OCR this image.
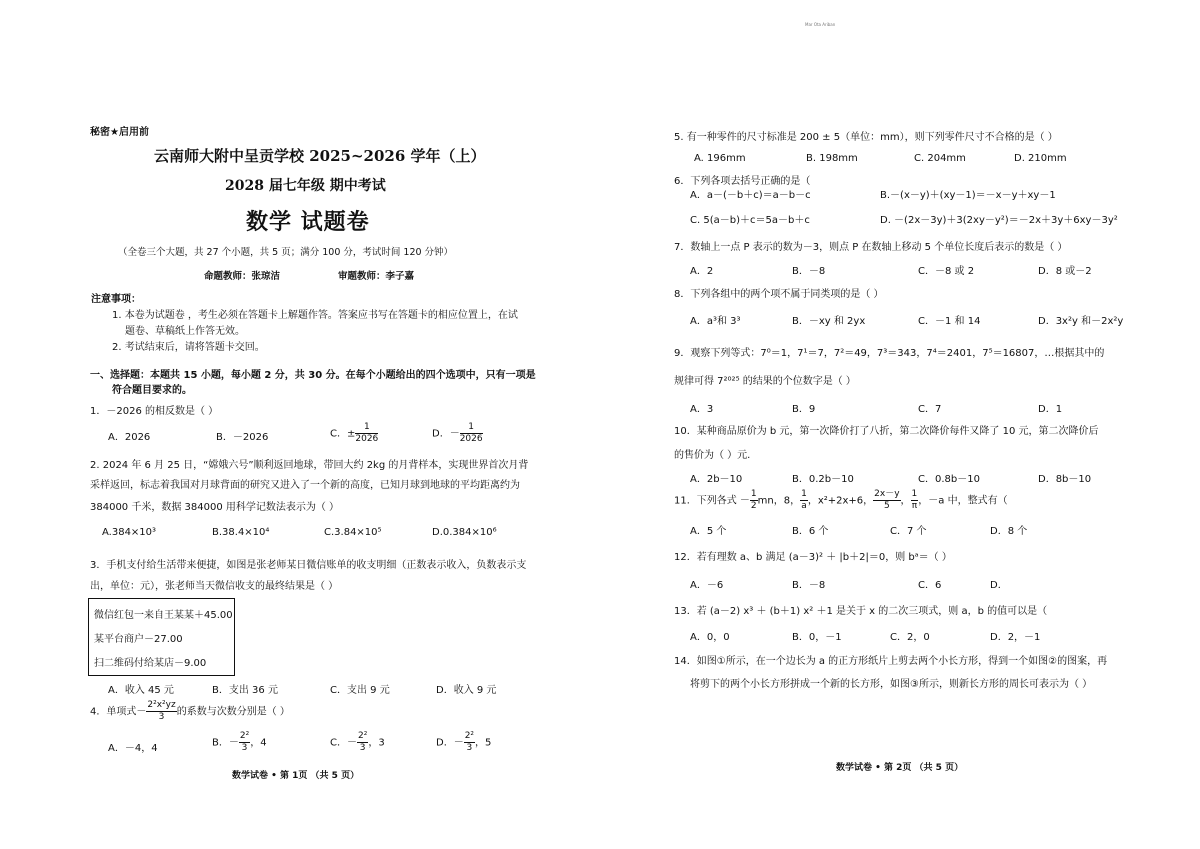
秘密★启用前
云南师大附中呈贡学校 2025~2026 学年（上）
2028 届七年级 期中考试
数学 试题卷
（全卷三个大题，共 27 个小题，共 5 页；满分 100 分，考试时间 120 分钟）
命题教师：张琼洁	审题教师：李子嘉
注意事项：
1. 本卷为试题卷 ，考生必须在答题卡上解题作答。答案应书写在答题卡的相应位置上，在试
题卷、草稿纸上作答无效。
2. 考试结束后，请将答题卡交回。
一、选择题：本题共 15 小题，每小题 2 分，共 30 分。在每个小题给出的四个选项中，只有一项是
符合题目要求的。
1．－2026 的相反数是（ ）
A．2026	B．－2026	C．± $\frac{1}{2026}$	D．－ $\frac{1}{2026}$
2. 2024 年 6 月 25 日，“嫦娥六号”顺利返回地球，带回大约 2kg 的月背样本，实现世界首次月背
采样返回，标志着我国对月球背面的研究又进入了一个新的高度，已知月球到地球的平均距离约为
384000 千米，数据 384000 用科学记数法表示为（ ）
A.384×10³	B.38.4×10⁴	C.3.84×10⁵	D.0.384×10⁶
3．手机支付给生活带来便捷，如图是张老师某日微信账单的收支明细（正数表示收入，负数表示支
出，单位：元），张老师当天微信收支的最终结果是（ ）
微信红包一来自王某某＋45.00
某平台商户－27.00
扫二维码付给某店－9.00
A．收入 45 元	B．支出 36 元	C．支出 9 元	D．收入 9 元
4．单项式－ $\frac{\text{2²x²yz}}{3}$ 的系数与次数分别是（ ）
A．－4，4	B．－ $\frac{\text{2²}}{3}$ ，4	C．－ $\frac{\text{2²}}{3}$ ，3	D．－ $\frac{\text{2²}}{3}$ ，5
数学试卷 • 第 1页 （共 5 页）
Mar Ota Ariban
5. 有一种零件的尺寸标准是 200 ± 5（单位：mm），则下列零件尺寸不合格的是（ ）
A. 196mm	B. 198mm	C. 204mm	D. 210mm
6．下列各项去括号正确的是（
A．a－(－b＋c)＝a－b－c	B.－(x－y)＋(xy－1)＝－x－y＋xy－1
C. 5(a－b)＋c＝5a－b＋c	D. －(2x－3y)＋3(2xy－y²)＝－2x＋3y＋6xy－3y²
7．数轴上一点 P 表示的数为－3，则点 P 在数轴上移动 5 个单位长度后表示的数是（ ）
A．2	B．－8	C．－8 或 2	D．8 或－2
8．下列各组中的两个项不属于同类项的是（ ）
A．a³和 3³	B．－xy 和 2yx	C．－1 和 14	D．3x²y 和－2x²y
9．观察下列等式：7⁰＝1，7¹＝7，7²＝49，7³＝343，7⁴＝2401，7⁵＝16807，…根据其中的
规律可得 7²⁰²⁵ 的结果的个位数字是（ ）
A．3	B．9	C．7	D．1
10．某种商品原价为 b 元，第一次降价打了八折，第二次降价每件又降了 10 元，第二次降价后
的售价为（ ）元.
A．2b－10	B．0.2b－10	C．0.8b－10	D．8b－10
11．下列各式 － $\frac{1}{2}$ mn，8， $\frac{1}{a}$ ，x²+2x+6， $\frac{2x-y}{5}$ ， $\frac{1}{\pi}$ ，－a 中，整式有（
A．5 个	B．6 个	C．7 个	D．8 个
12．若有理数 a、b 满足 (a－3)² ＋ |b＋2|＝0，则 bᵃ＝（ ）
A．－6	B．－8	C．6	D．
13．若 (a－2) x³ ＋ (b＋1) x² ＋1 是关于 x 的二次三项式，则 a，b 的值可以是（
A．0，0	B．0，－1	C．2，0	D．2，－1
14．如图①所示，在一个边长为 a 的正方形纸片上剪去两个小长方形，得到一个如图②的图案，再
将剪下的两个小长方形拼成一个新的长方形，如图③所示，则新长方形的周长可表示为（ ）
数学试卷 • 第 2页 （共 5 页）
